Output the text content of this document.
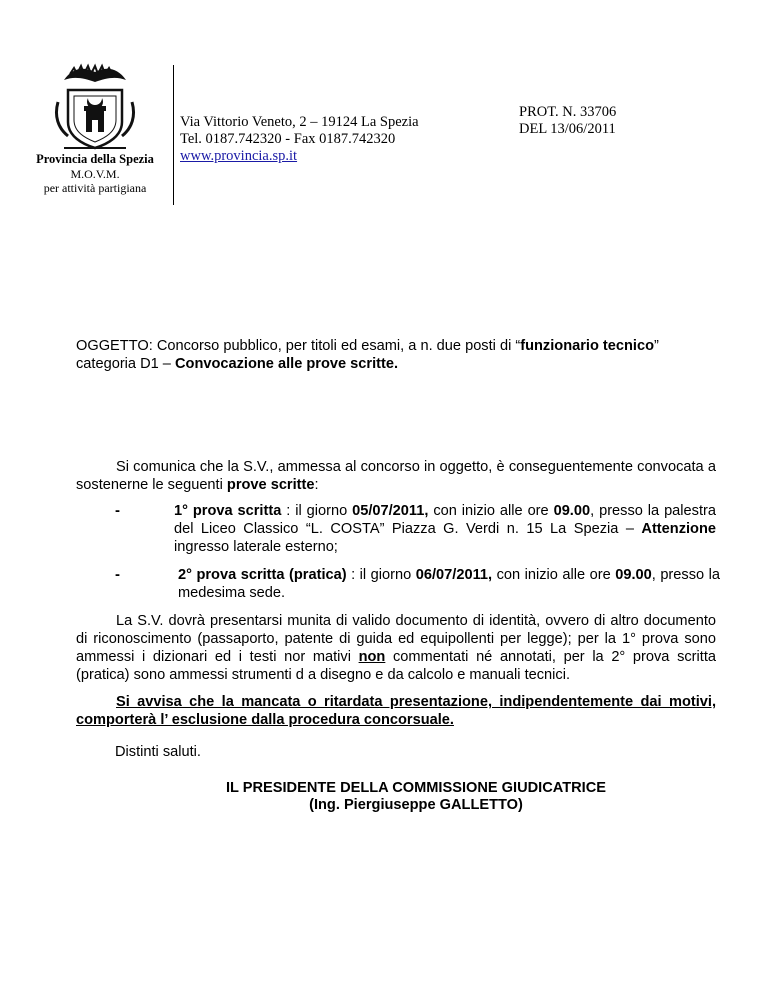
Provincia della Spezia
M.O.V.M.
per attività partigiana
Via Vittorio Veneto, 2 – 19124 La Spezia
Tel. 0187.742320 - Fax 0187.742320
www.provincia.sp.it
PROT. N. 33706
DEL 13/06/2011
OGGETTO: Concorso pubblico, per titoli ed esami, a n. due posti di “funzionario tecnico”
categoria D1 – Convocazione alle prove scritte.
Si comunica che la S.V., ammessa al concorso in oggetto, è conseguentemente convocata a sostenerne le seguenti prove scritte:
-	1° prova scritta : il giorno 05/07/2011, con inizio alle ore 09.00, presso la palestra del Liceo Classico “L. COSTA” Piazza G. Verdi n. 15 La Spezia – Attenzione ingresso laterale esterno;
-	2° prova scritta (pratica) : il giorno 06/07/2011, con inizio alle ore 09.00, presso la medesima sede.
La S.V. dovrà presentarsi munita di valido documento di identità, ovvero di altro documento di riconoscimento (passaporto, patente di guida ed equipollenti per legge); per la 1° prova sono ammessi i dizionari ed i testi nor mativi non commentati né annotati, per la 2° prova scritta (pratica) sono ammessi strumenti d a disegno e da calcolo e manuali tecnici.
Si avvisa che la mancata o ritardata presentazione, indipendentemente dai motivi, comporterà l’ esclusione dalla procedura concorsuale.
Distinti saluti.
IL PRESIDENTE DELLA COMMISSIONE GIUDICATRICE
(Ing. Piergiuseppe GALLETTO)
